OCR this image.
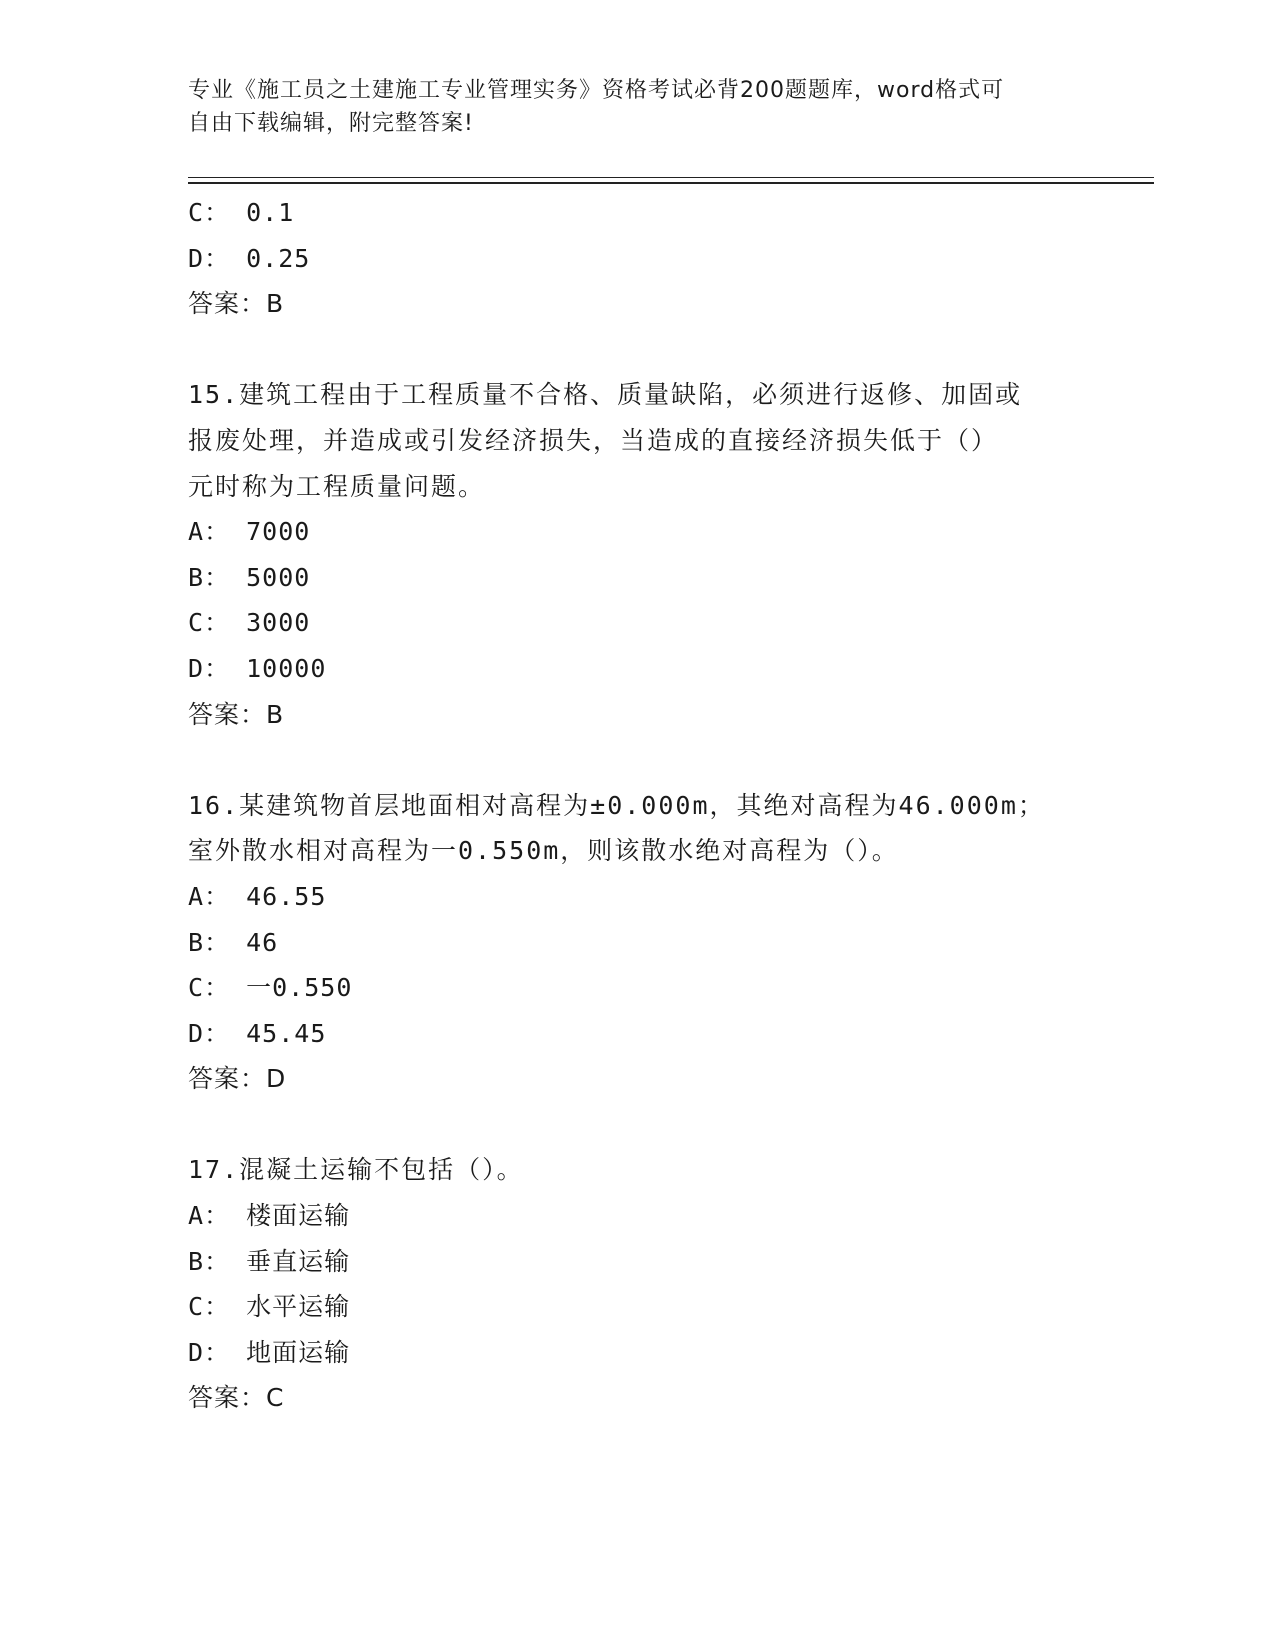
专业《施工员之土建施工专业管理实务》资格考试必背200题题库，word格式可
自由下载编辑，附完整答案!
C： 0.1
D： 0.25
答案：B
15.建筑工程由于工程质量不合格、质量缺陷，必须进行返修、加固或
报废处理，并造成或引发经济损失，当造成的直接经济损失低于（）
元时称为工程质量问题。
A： 7000
B： 5000
C： 3000
D： 10000
答案：B
16.某建筑物首层地面相对高程为±0.000m，其绝对高程为46.000m；
室外散水相对高程为一0.550m，则该散水绝对高程为（）。
A： 46.55
B： 46
C： 一0.550
D： 45.45
答案：D
17.混凝土运输不包括（）。
A： 楼面运输
B： 垂直运输
C： 水平运输
D： 地面运输
答案：C
